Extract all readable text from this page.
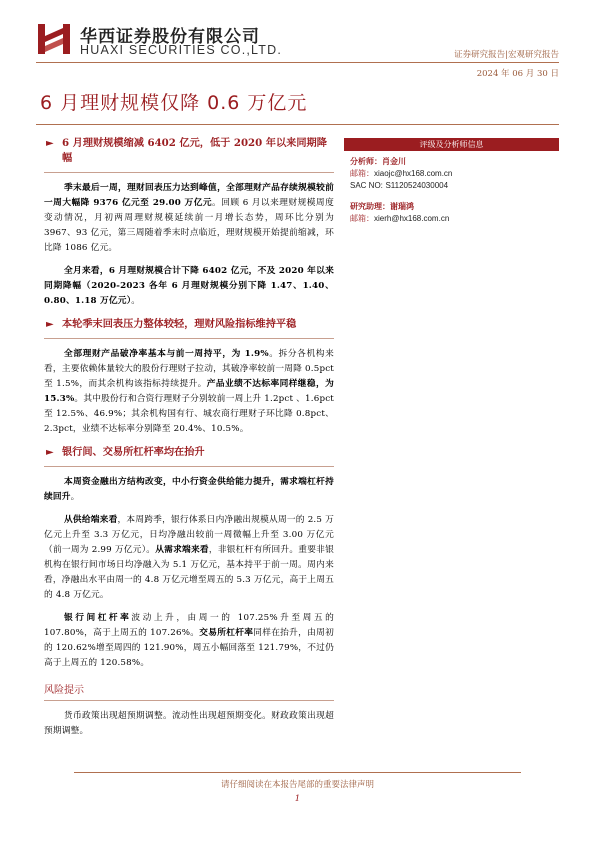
华西证券股份有限公司
HUAXI SECURITIES CO.,LTD.	证券研究报告|宏观研究报告
2024 年 06 月 30 日
6 月理财规模仅降 0.6 万亿元
► 6 月理财规模缩减 6402 亿元，低于 2020 年以来同期降幅

季末最后一周，理财回表压力达到峰值，全部理财产品存续规模较前一周大幅降 9376 亿元至 29.00 万亿元。回顾 6 月以来理财规模周度变动情况，月初两周理财规模延续前一月增长态势，周环比分别为 3967、93 亿元，第三周随着季末时点临近，理财规模开始提前缩减，环比降 1086 亿元。

全月来看，6 月理财规模合计下降 6402 亿元，不及 2020 年以来同期降幅（2020-2023 各年 6 月理财规模分别下降 1.47、1.40、0.80、1.18 万亿元）。

► 本轮季末回表压力整体较轻，理财风险指标维持平稳

全部理财产品破净率基本与前一周持平，为 1.9%。拆分各机构来看，主要依赖体量较大的股份行理财子拉动，其破净率较前一周降 0.5pct 至 1.5%，而其余机构该指标持续提升。产品业绩不达标率同样继稳，为 15.3%。其中股份行和合资行理财子分别较前一周上升 1.2pct 、1.6pct 至 12.5%、46.9%；其余机构国有行、城农商行理财子环比降 0.8pct、2.3pct，业绩不达标率分别降至 20.4%、10.5%。

► 银行间、交易所杠杆率均在抬升

本周资金融出方结构改变，中小行资金供给能力提升，需求端杠杆持续回升。

从供给端来看，本周跨季，银行体系日内净融出规模从周一的 2.5 万亿元上升至 3.3 万亿元，日均净融出较前一周微幅上升至 3.00 万亿元（前一周为 2.99 万亿元）。从需求端来看，非银杠杆有所回升。重要非银机构在银行间市场日均净融入为 5.1 万亿元，基本持平于前一周。周内来看，净融出水平由周一的 4.8 万亿元增至周五的 5.3 万亿元，高于上周五的 4.8 万亿元。

银行间杠杆率波动上升，由周一的 107.25%升至周五的 107.80%，高于上周五的 107.26%。交易所杠杆率同样在抬升，由周初的 120.62%增至周四的 121.90%，周五小幅回落至 121.79%，不过仍高于上周五的 120.58%。

风险提示

货币政策出现超预期调整。流动性出现超预期变化。财政政策出现超预期调整。

评级及分析师信息
分析师：肖金川
邮箱：xiaojc@hx168.com.cn
SAC NO: S1120524030004
研究助理：谢瑞鸿
邮箱：xierh@hx168.com.cn
请仔细阅读在本报告尾部的重要法律声明
1
